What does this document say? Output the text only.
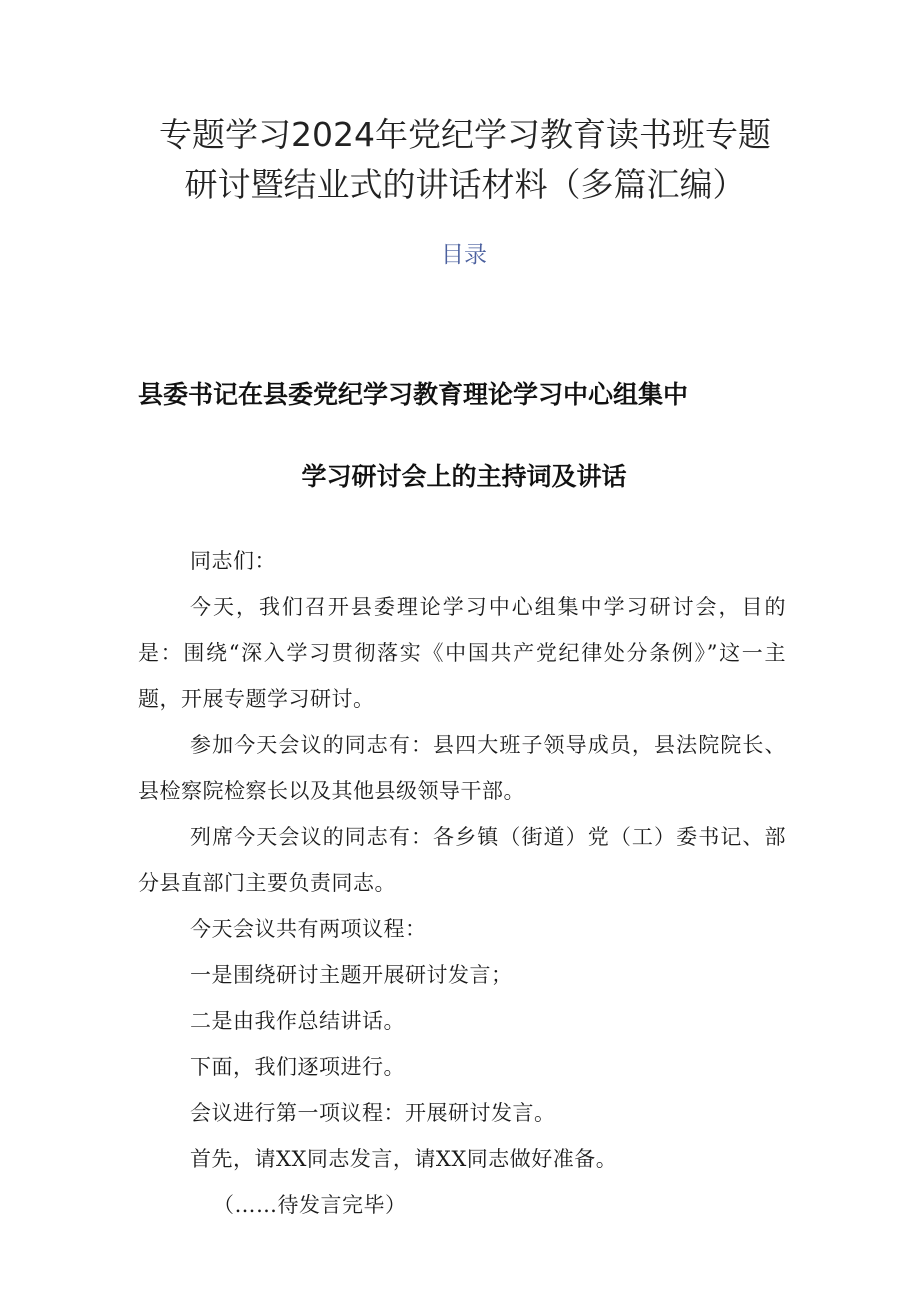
专题学习2024年党纪学习教育读书班专题
研讨暨结业式的讲话材料（多篇汇编）
目录
县委书记在县委党纪学习教育理论学习中心组集中
学习研讨会上的主持词及讲话

同志们：

今天，我们召开县委理论学习中心组集中学习研讨会，目的是：围绕“深入学习贯彻落实《中国共产党纪律处分条例》”这一主题，开展专题学习研讨。

参加今天会议的同志有：县四大班子领导成员，县法院院长、县检察院检察长以及其他县级领导干部。

列席今天会议的同志有：各乡镇（街道）党（工）委书记、部分县直部门主要负责同志。

今天会议共有两项议程：

一是围绕研讨主题开展研讨发言；

二是由我作总结讲话。

下面，我们逐项进行。

会议进行第一项议程：开展研讨发言。

首先，请XX同志发言，请XX同志做好准备。

（……待发言完毕）
